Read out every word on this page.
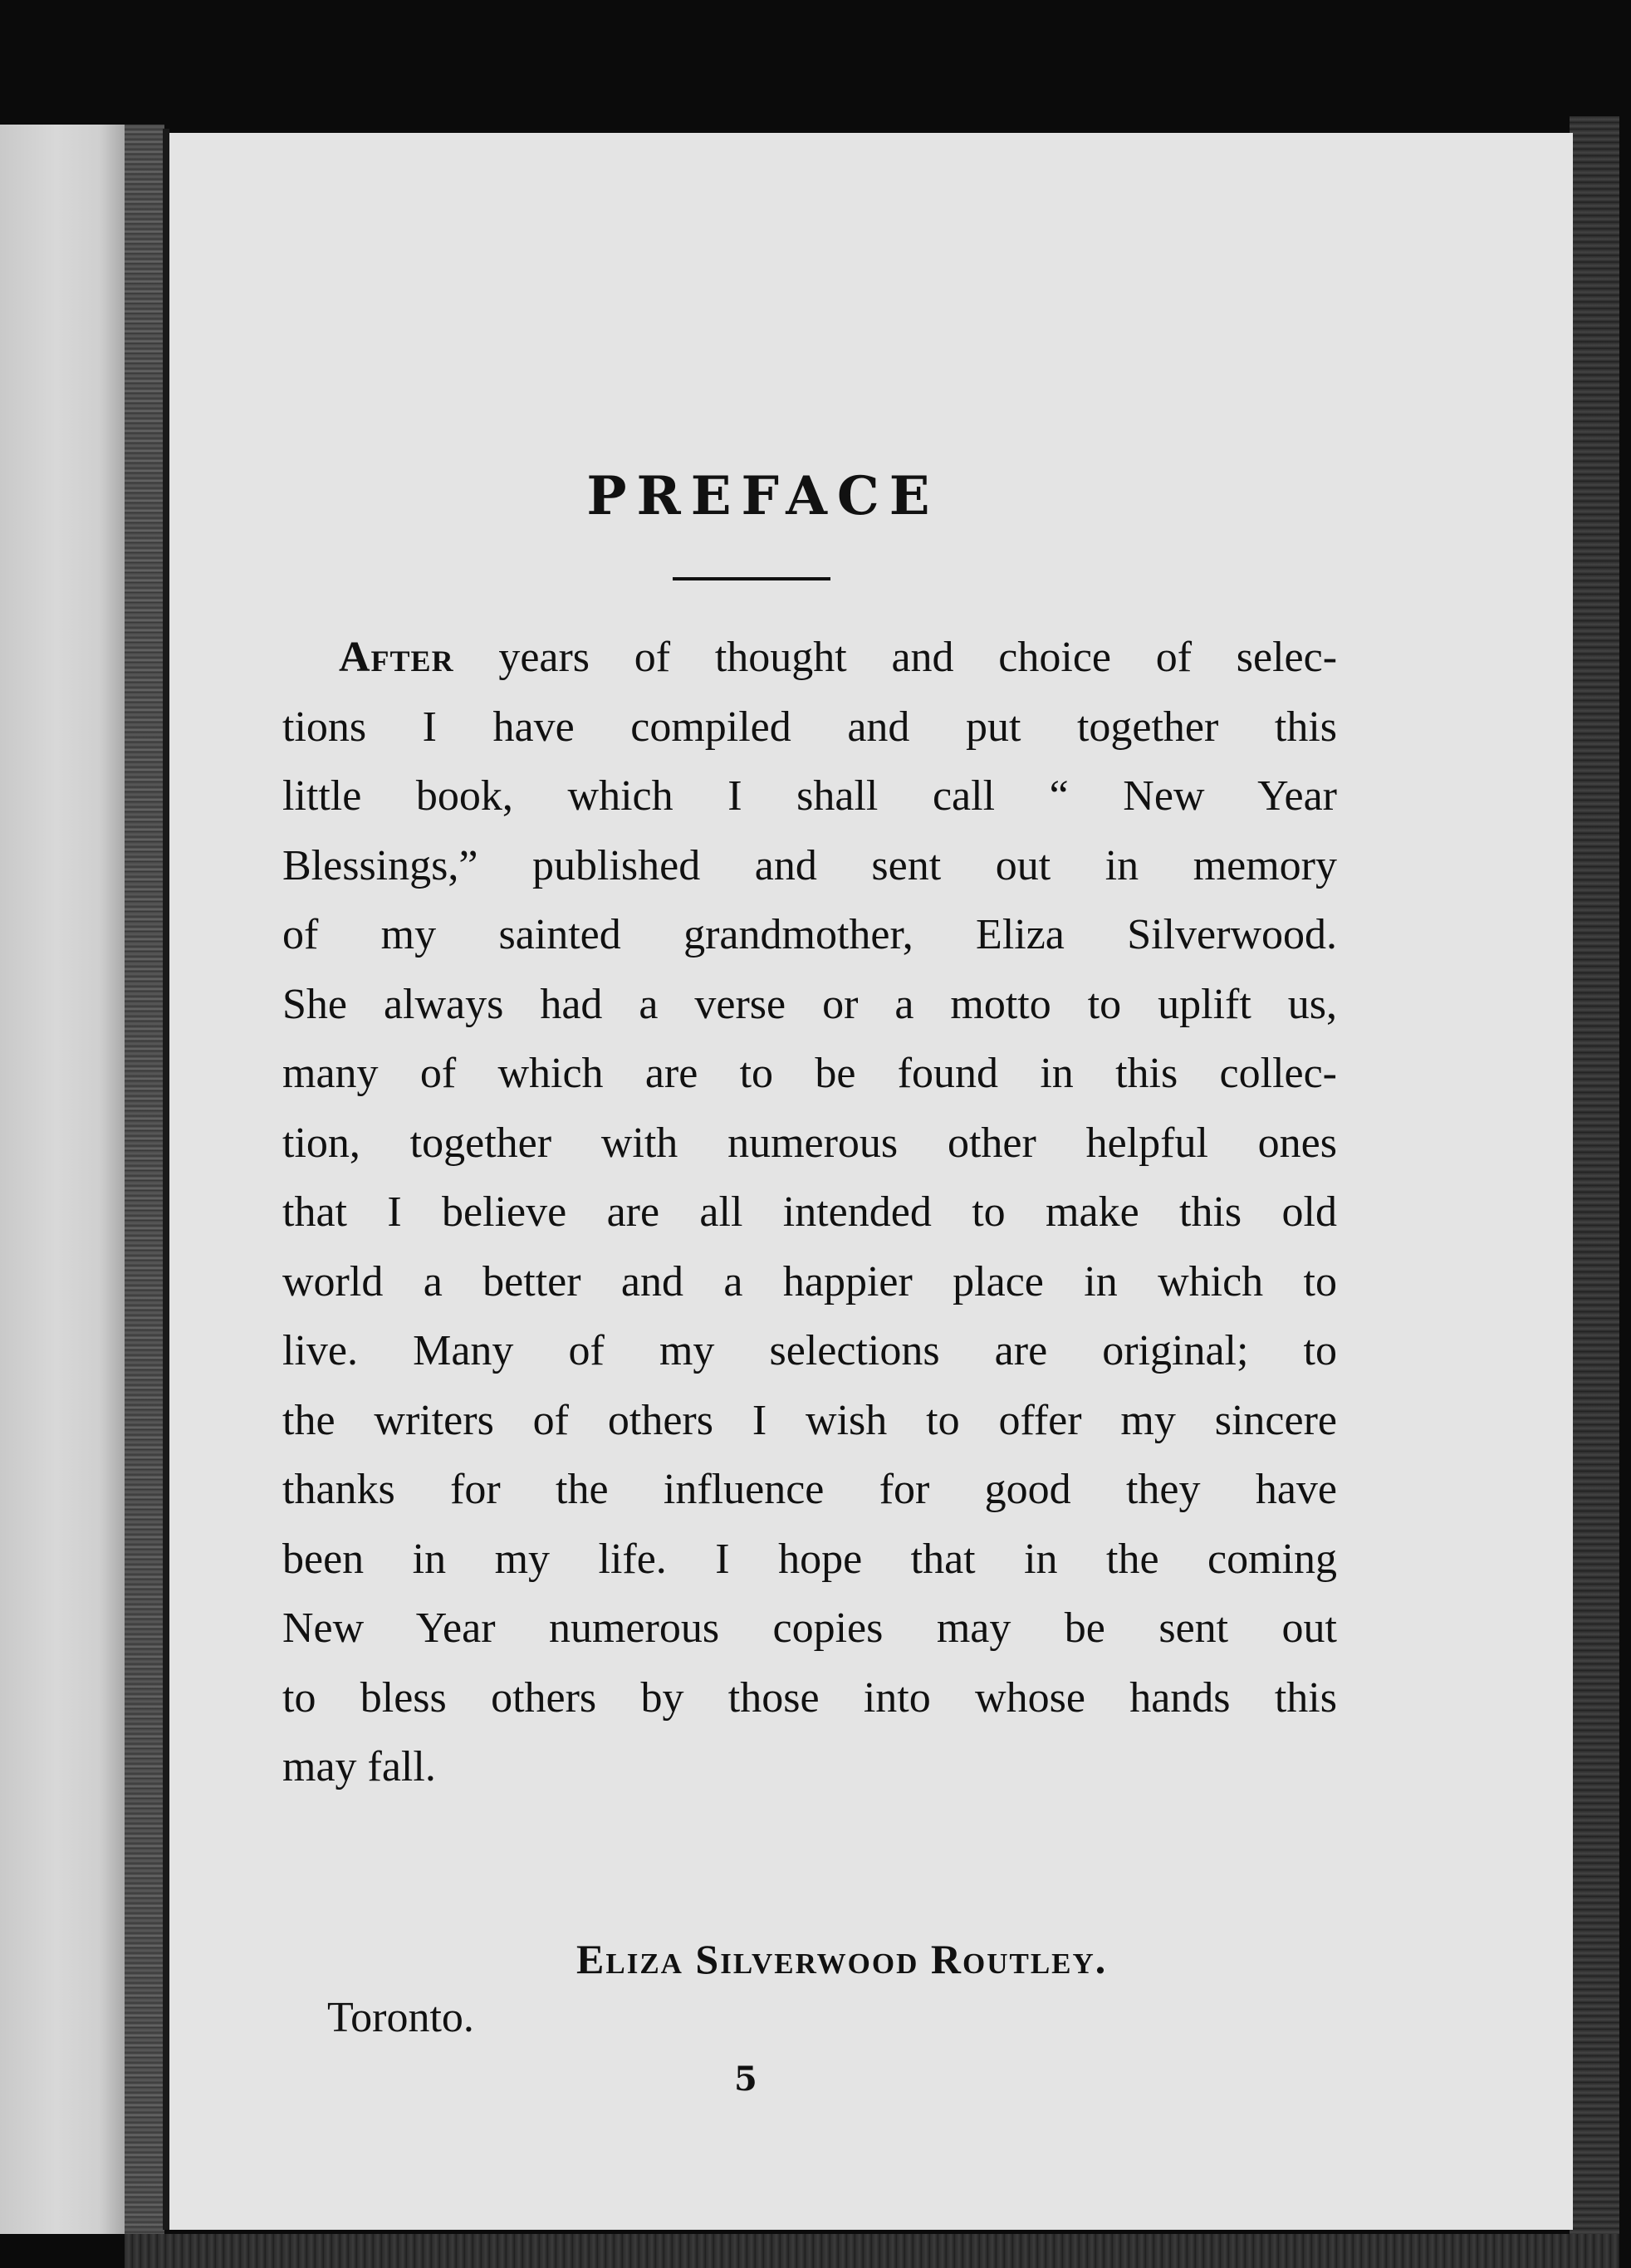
PREFACE
After years of thought and choice of selec-
tions I have compiled and put together this
little book, which I shall call “ New Year
Blessings,” published and sent out in memory
of my sainted grandmother, Eliza Silverwood.
She always had a verse or a motto to uplift us,
many of which are to be found in this collec-
tion, together with numerous other helpful ones
that I believe are all intended to make this old
world a better and a happier place in which to
live. Many of my selections are original; to
the writers of others I wish to offer my sincere
thanks for the influence for good they have
been in my life. I hope that in the coming
New Year numerous copies may be sent out
to bless others by those into whose hands this
may fall.
Eliza Silverwood Routley.
Toronto.
5
